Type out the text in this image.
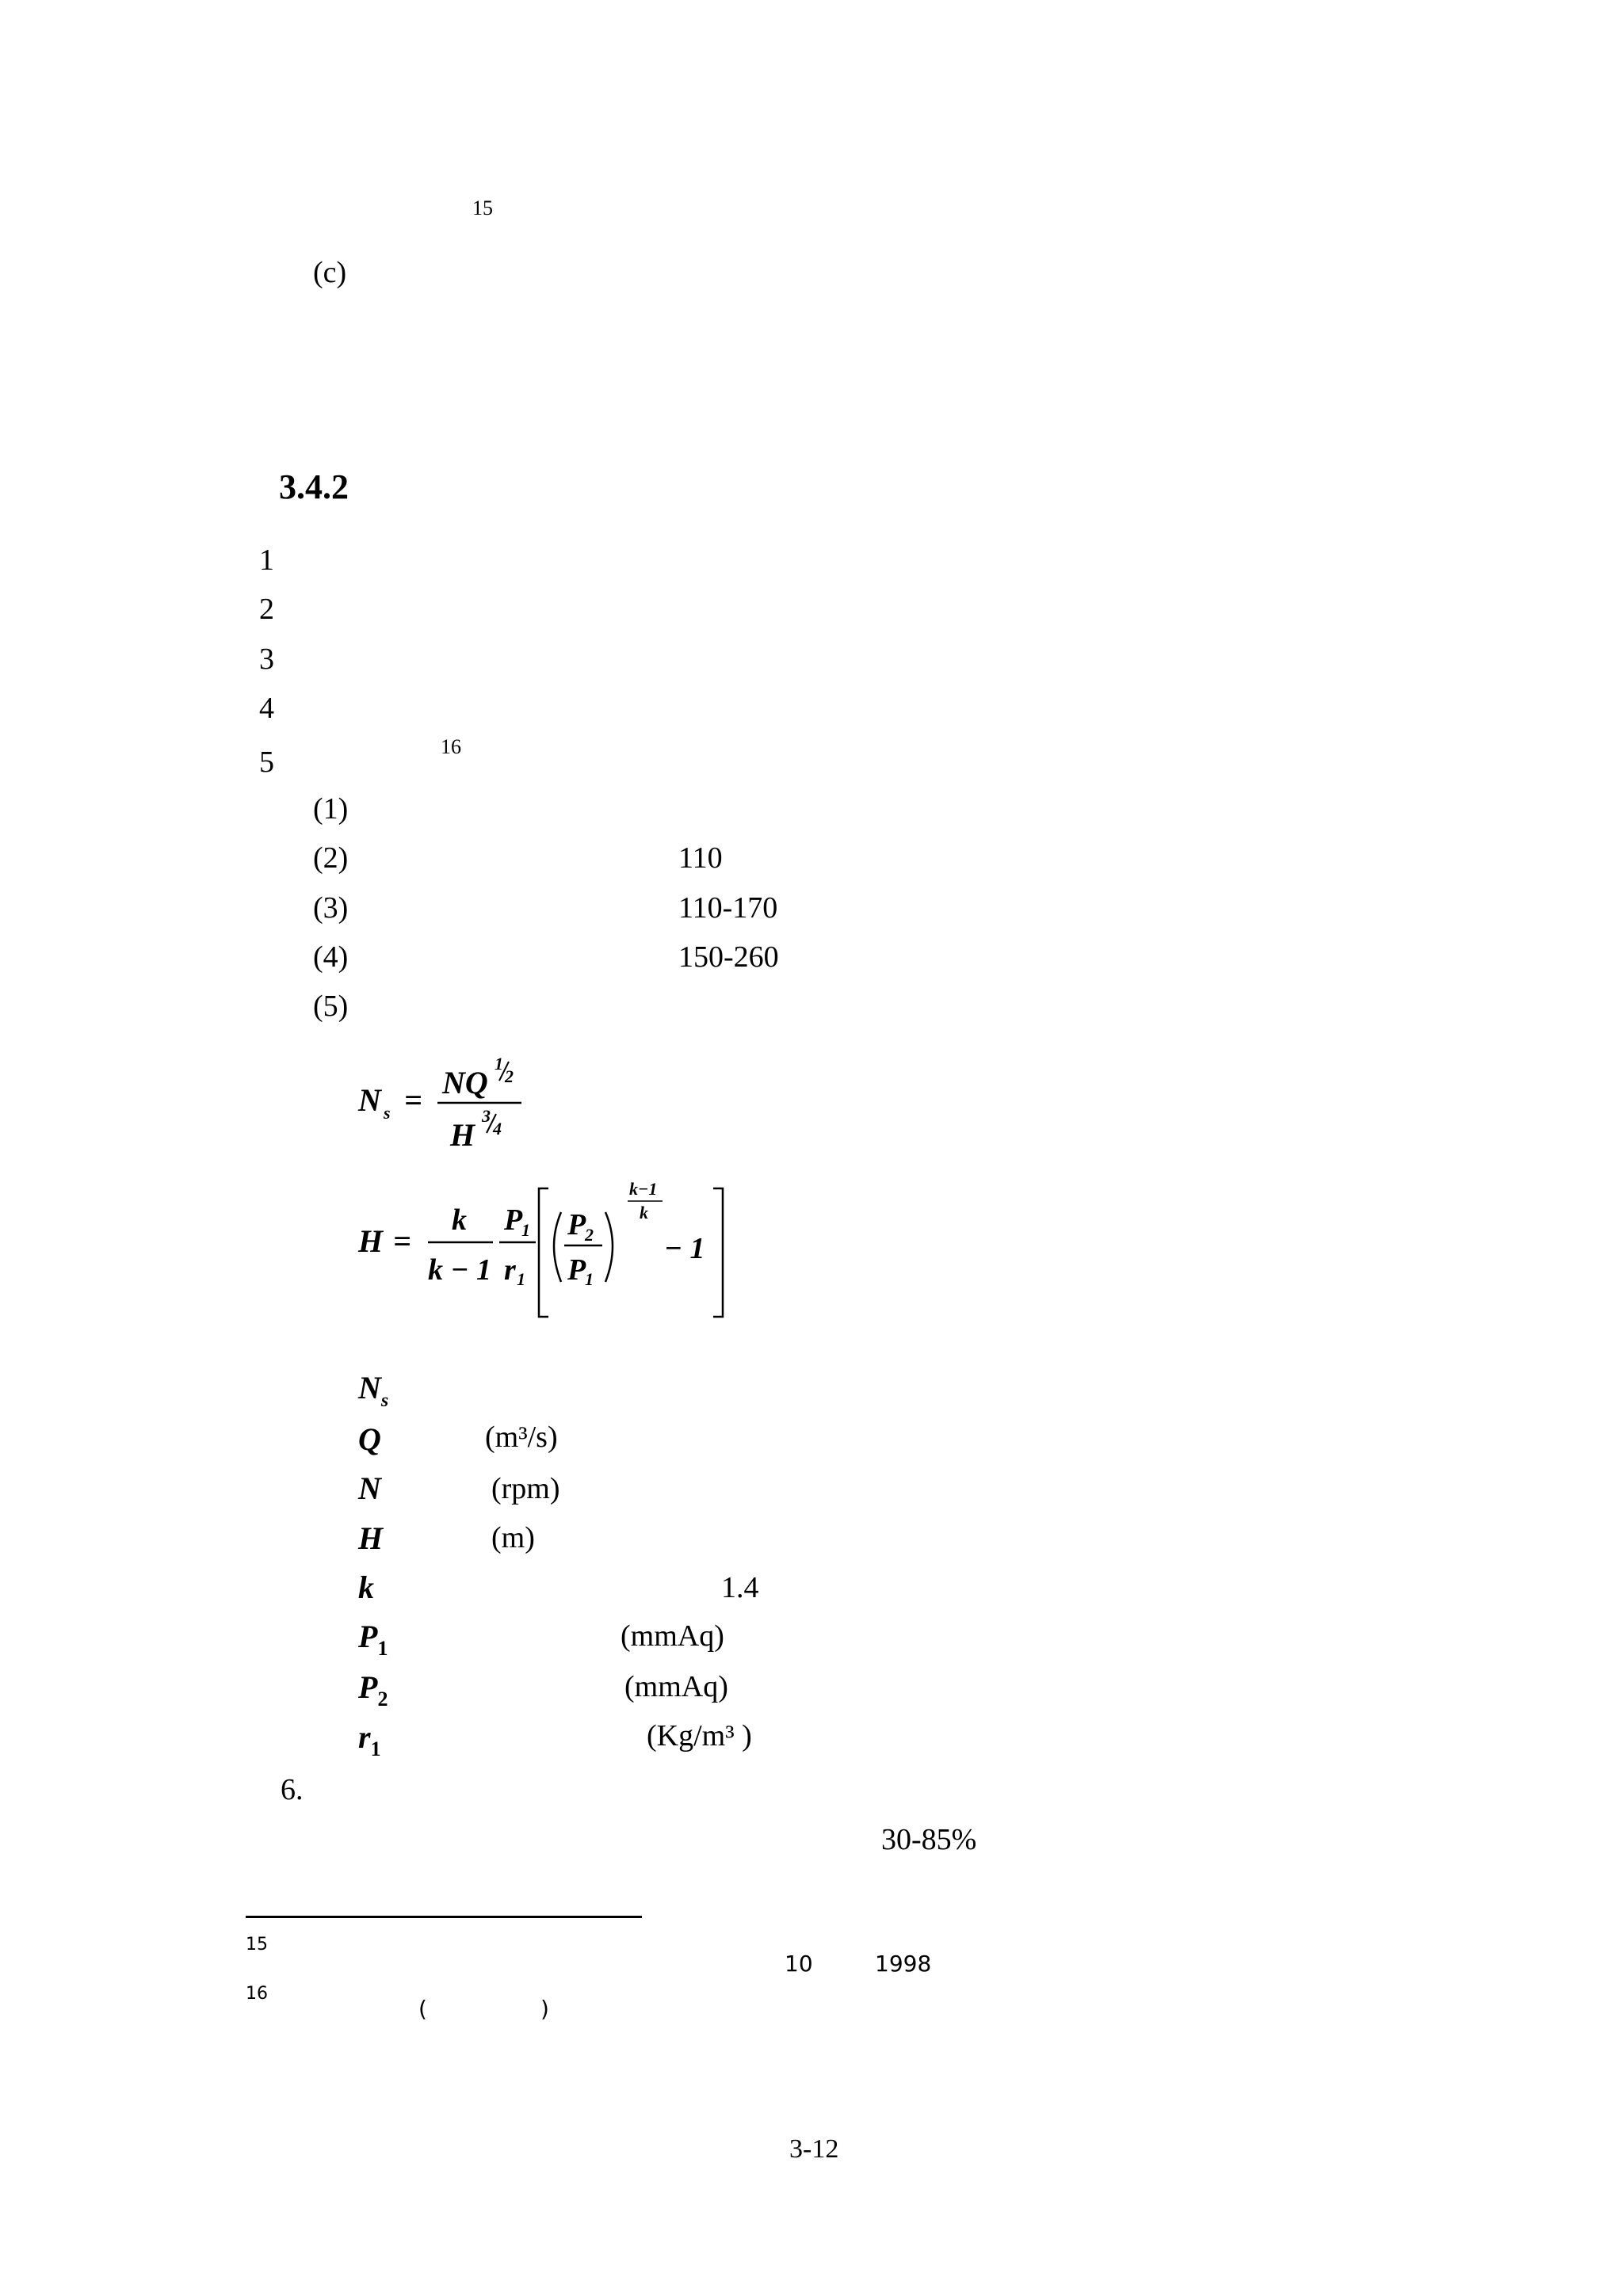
15
(c)
3.4.2
1
2
3
4
5	16
(1)
(2)	110
(3)	110-170
(4)	150-260
(5)
N s = NQ
1
2
H
3
4
H =
k
k − 1
P
1
r 1
P
2
P
1
k−1
k
− 1
$N_s$
Q	(m³/s)
N	(rpm)
H	(m)
k	1.4
$P_1$	(mmAq)
$P_2$	(mmAq)
$r_1$	(Kg/m³ )
6.
30-85%
15
10	1998
16
(	)
3-12
